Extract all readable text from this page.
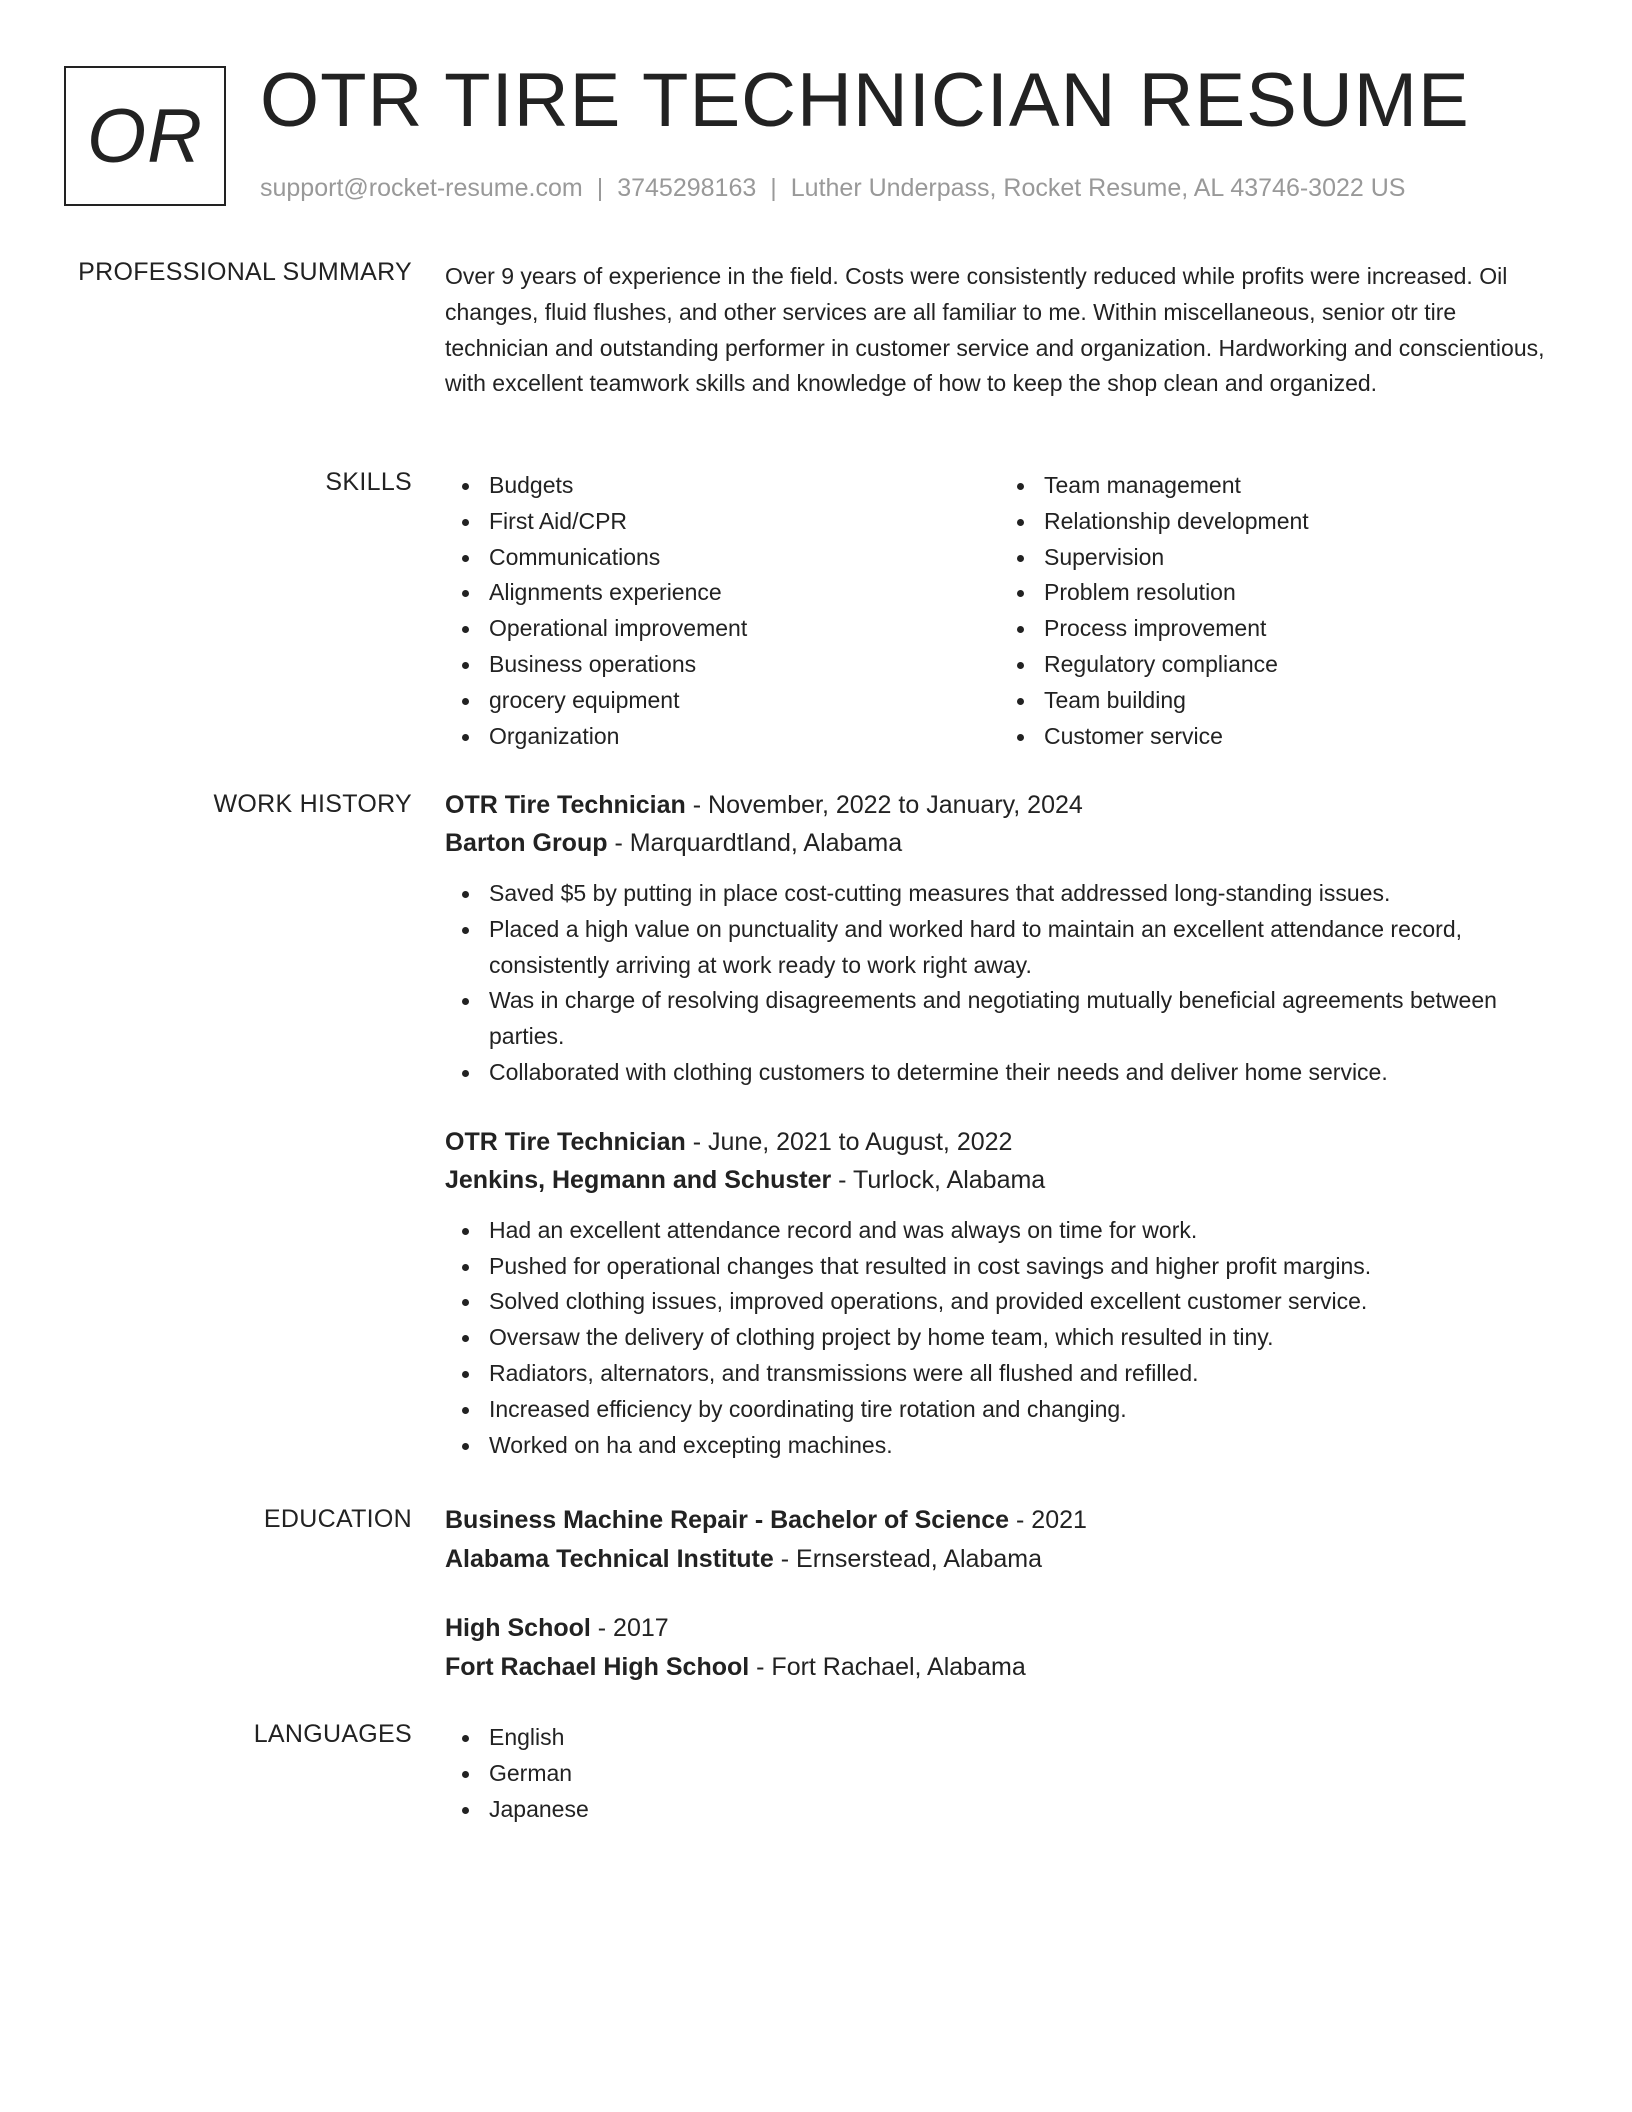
OR OTR TIRE TECHNICIAN RESUME
support@rocket-resume.com | 3745298163 | Luther Underpass, Rocket Resume, AL 43746-3022 US
PROFESSIONAL SUMMARY Over 9 years of experience in the field. Costs were consistently reduced while profits were increased. Oil changes, fluid flushes, and other services are all familiar to me. Within miscellaneous, senior otr tire technician and outstanding performer in customer service and organization. Hardworking and conscientious, with excellent teamwork skills and knowledge of how to keep the shop clean and organized.

SKILLS	Budgets
First Aid/CPR
Communications
Alignments experience
Operational improvement
Business operations
grocery equipment
Organization
Team management
Relationship development
Supervision
Problem resolution
Process improvement
Regulatory compliance
Team building
Customer service
WORK HISTORY OTR Tire Technician - November, 2022 to January, 2024
Barton Group - Marquardtland, Alabama
Saved $5 by putting in place cost-cutting measures that addressed long-standing issues.
Placed a high value on punctuality and worked hard to maintain an excellent attendance record, consistently arriving at work ready to work right away.
Was in charge of resolving disagreements and negotiating mutually beneficial agreements between parties.
Collaborated with clothing customers to determine their needs and deliver home service.
OTR Tire Technician - June, 2021 to August, 2022
Jenkins, Hegmann and Schuster - Turlock, Alabama
Had an excellent attendance record and was always on time for work.
Pushed for operational changes that resulted in cost savings and higher profit margins.
Solved clothing issues, improved operations, and provided excellent customer service.
Oversaw the delivery of clothing project by home team, which resulted in tiny.
Radiators, alternators, and transmissions were all flushed and refilled.
Increased efficiency by coordinating tire rotation and changing.
Worked on ha and excepting machines.
EDUCATION Business Machine Repair - Bachelor of Science - 2021
Alabama Technical Institute - Ernserstead, Alabama
High School - 2017
Fort Rachael High School - Fort Rachael, Alabama
LANGUAGES	English
German
Japanese
